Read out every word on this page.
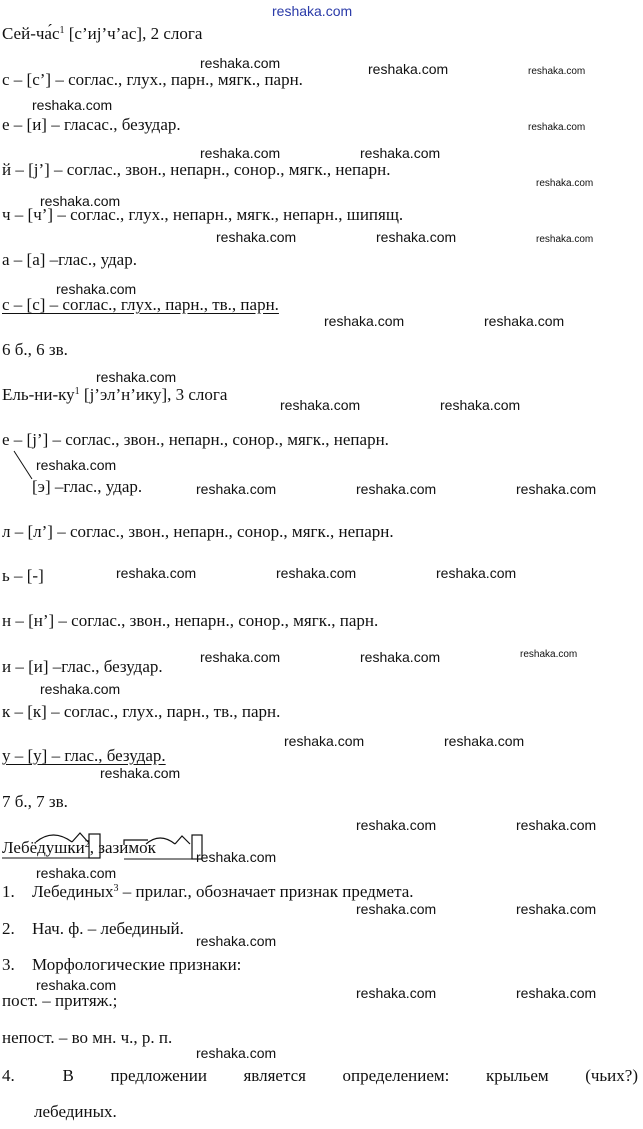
reshaka.com
Сей-$ча́с^1$ [с’иј’ч’ас], 2 слога
с – [с’] – соглас., глух., парн., мягк., парн.
е – [и] – гласас., безудар.
й – [j’] – соглас., звон., непарн., сонор., мягк., непарн.
ч – [ч’] – соглас., глух., непарн., мягк., непарн., шипящ.
а – [а] –глас., удар.
с – [с] – соглас., глух., парн., тв., парн.
6 б., 6 зв.
Ель-$ни-ку^1$ [j’эл’н’ику], 3 слога
е – [j’] – соглас., звон., непарн., сонор., мягк., непарн.
[э] –глас., удар.
л – [л’] – соглас., звон., непарн., сонор., мягк., непарн.
ь – [-]
н – [н’] – соглас., звон., непарн., сонор., мягк., парн.
и – [и] –глас., безудар.
к – [к] – соглас., глух., парн., тв., парн.
у – [у] – глас., безудар.
7 б., 7 зв.
Лебёдушки$^2$, зазимок
1. Лебединых$^3$ – прилаг., обозначает признак предмета.
2. Нач. ф. – лебединый.
3. Морфологические признаки:
пост. – притяж.;
непост. – во мн. ч., р. п.
4.	В предложении является определением: крыльем (чьих?)
лебединых.
reshaka.com	reshaka.com	reshaka.com
reshaka.com
reshaka.com
reshaka.com	reshaka.com
reshaka.com
reshaka.com
reshaka.com	reshaka.com	reshaka.com
reshaka.com
reshaka.com	reshaka.com
reshaka.com
reshaka.com	reshaka.com
reshaka.com
reshaka.com	reshaka.com	reshaka.com
reshaka.com	reshaka.com	reshaka.com
reshaka.com	reshaka.com	reshaka.com
reshaka.com
reshaka.com	reshaka.com
reshaka.com
reshaka.com	reshaka.com
reshaka.com
reshaka.com
reshaka.com	reshaka.com
reshaka.com
reshaka.com	reshaka.com	reshaka.com
reshaka.com
